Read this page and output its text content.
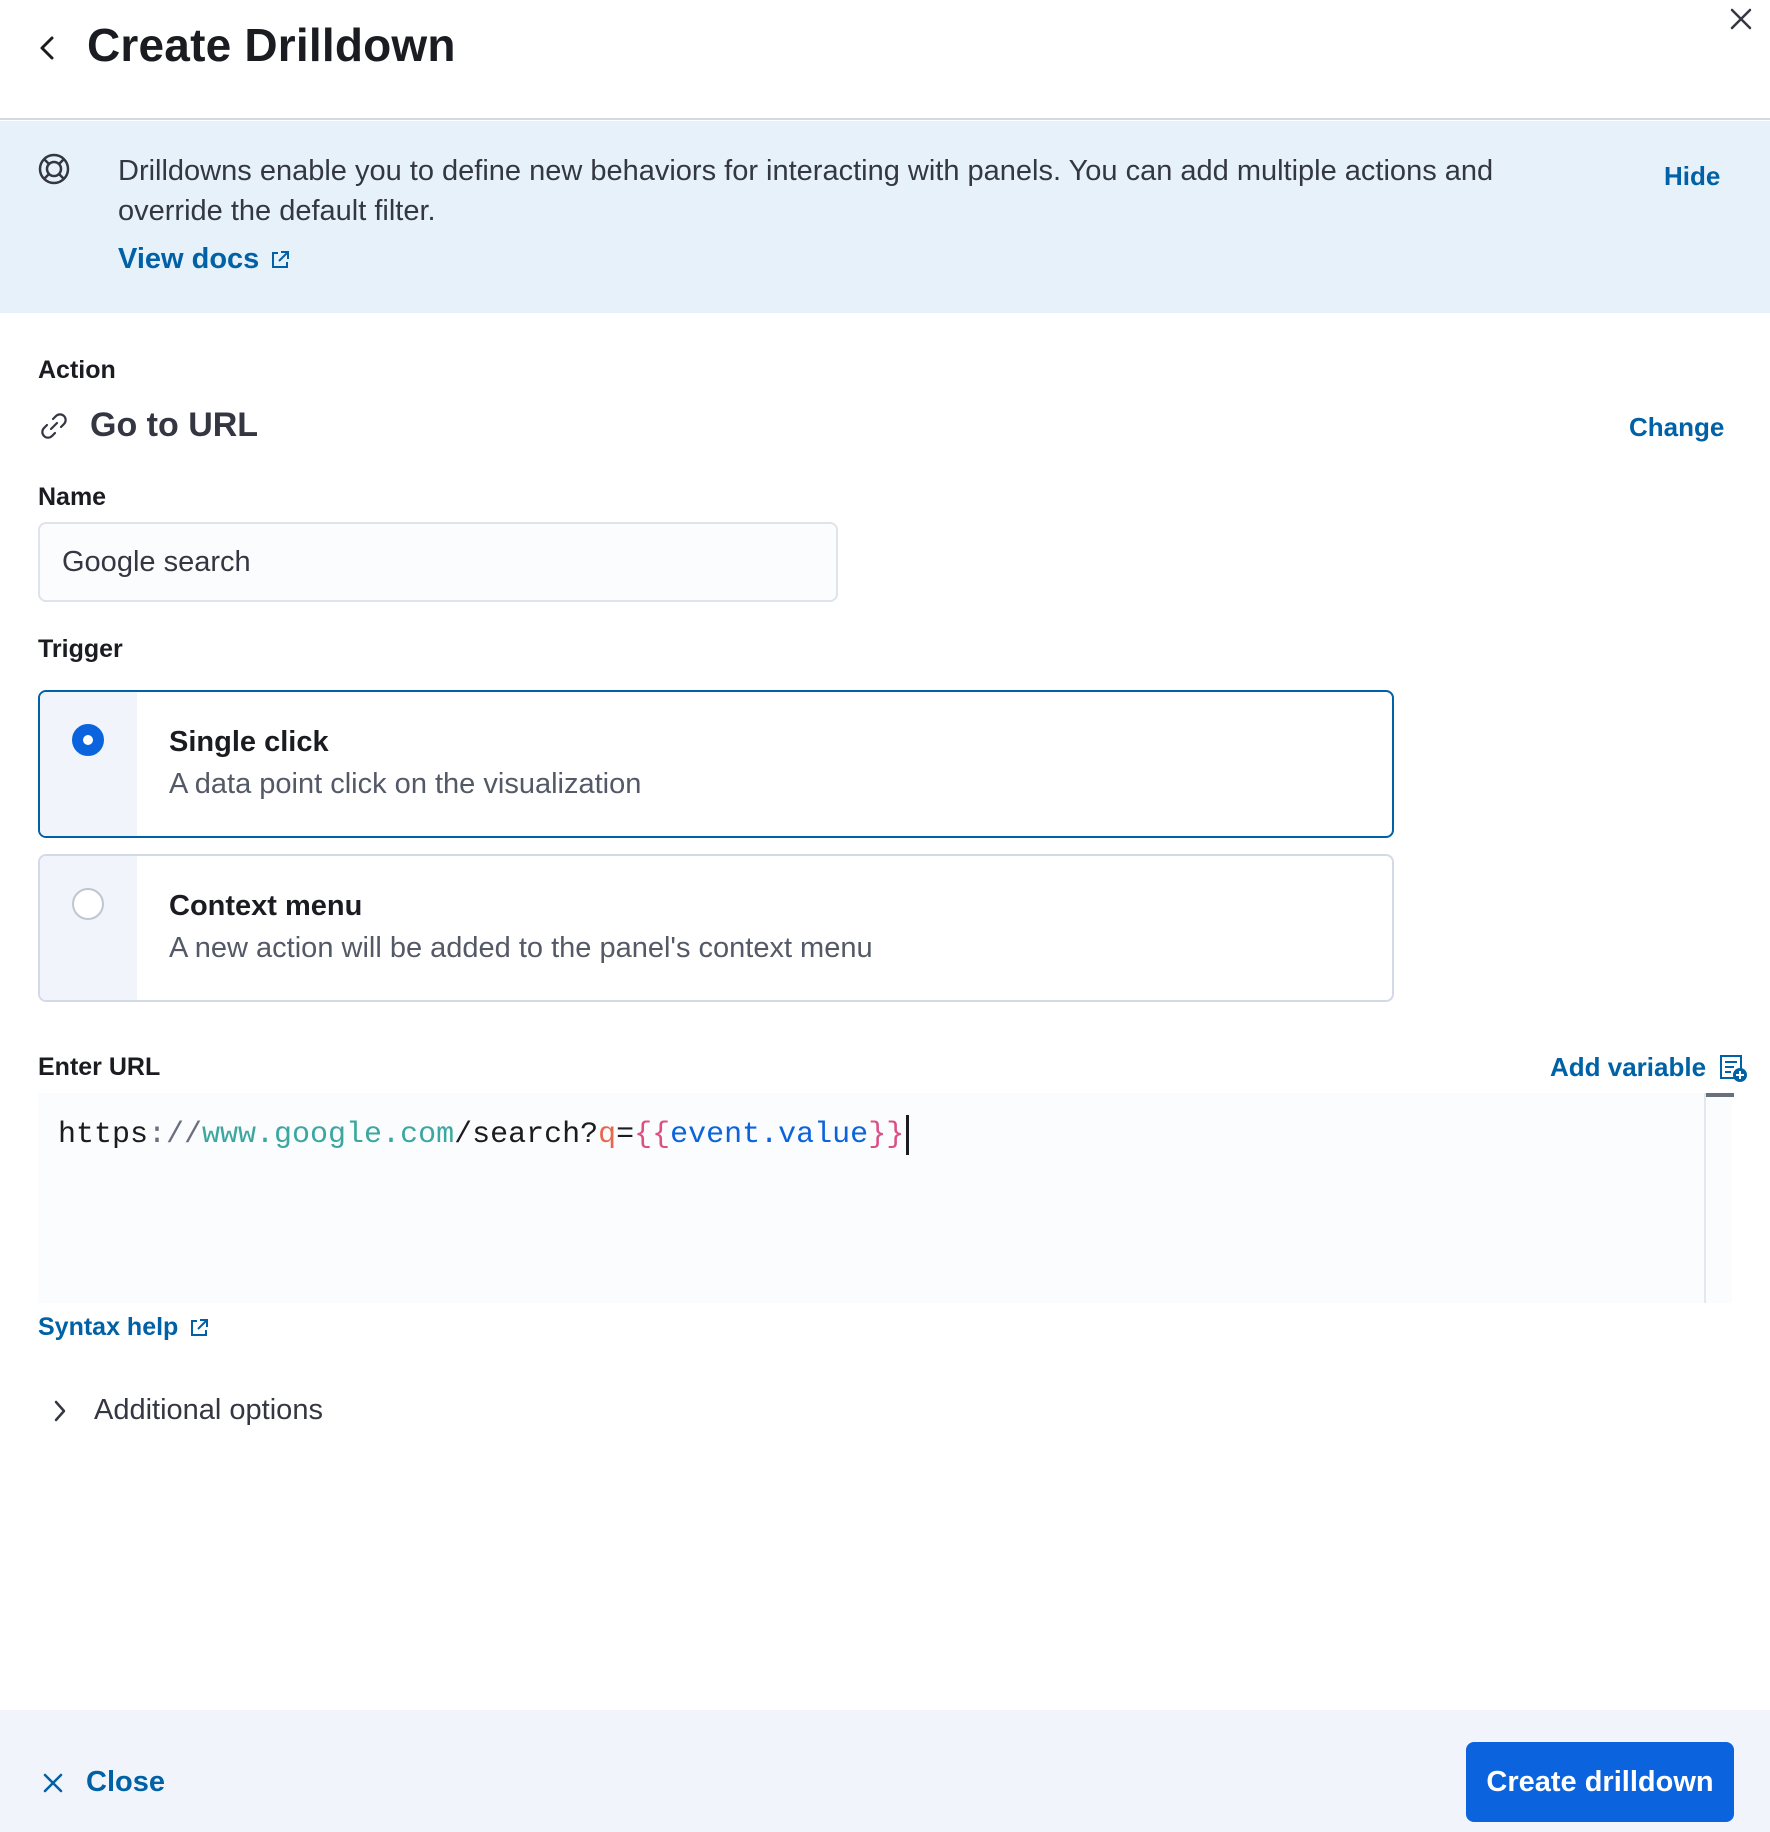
Create Drilldown

Drilldowns enable you to define new behaviors for interacting with panels. You can add multiple actions and override the default filter.

View docs
Hide
Action
Go to URL	Change
Name
Google search
Trigger
Single click
A data point click on the visualization
Context menu
A new action will be added to the panel's context menu
Enter URL	Add variable
https :// www.google.com /search? q = {{ event.value }}
Syntax help
Additional options
Close	Create drilldown
